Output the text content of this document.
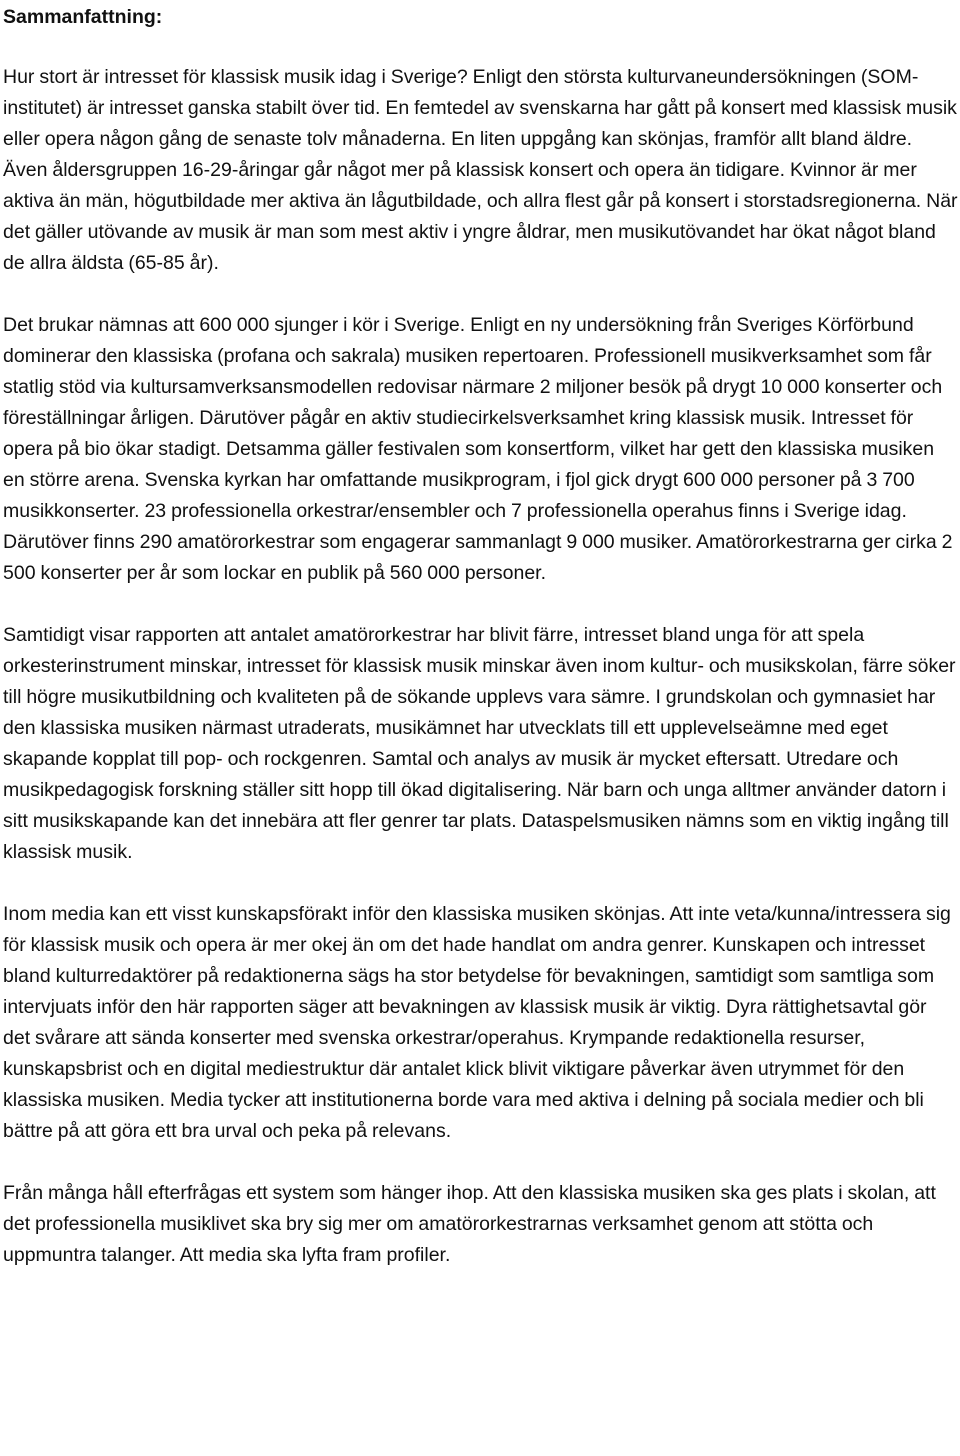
Sammanfattning:

Hur stort är intresset för klassisk musik idag i Sverige? Enligt den största kulturvaneundersökningen (SOM-institutet) är intresset ganska stabilt över tid. En femtedel av svenskarna har gått på konsert med klassisk musik eller opera någon gång de senaste tolv månaderna. En liten uppgång kan skönjas, framför allt bland äldre. Även åldersgruppen 16-29-åringar går något mer på klassisk konsert och opera än tidigare. Kvinnor är mer aktiva än män, högutbildade mer aktiva än lågutbildade, och allra flest går på konsert i storstadsregionerna. När det gäller utövande av musik är man som mest aktiv i yngre åldrar, men musikutövandet har ökat något bland de allra äldsta (65-85 år).

Det brukar nämnas att 600 000 sjunger i kör i Sverige. Enligt en ny undersökning från Sveriges Körförbund dominerar den klassiska (profana och sakrala) musiken repertoaren. Professionell musikverksamhet som får statlig stöd via kultursamverksansmodellen redovisar närmare 2 miljoner besök på drygt 10 000 konserter och föreställningar årligen. Därutöver pågår en aktiv studiecirkelsverksamhet kring klassisk musik. Intresset för opera på bio ökar stadigt. Detsamma gäller festivalen som konsertform, vilket har gett den klassiska musiken en större arena. Svenska kyrkan har omfattande musikprogram, i fjol gick drygt 600 000 personer på 3 700 musikkonserter. 23 professionella orkestrar/ensembler och 7 professionella operahus finns i Sverige idag. Därutöver finns 290 amatörorkestrar som engagerar sammanlagt 9 000 musiker. Amatörorkestrarna ger cirka 2 500 konserter per år som lockar en publik på 560 000 personer.

Samtidigt visar rapporten att antalet amatörorkestrar har blivit färre, intresset bland unga för att spela orkesterinstrument minskar, intresset för klassisk musik minskar även inom kultur- och musikskolan, färre söker till högre musikutbildning och kvaliteten på de sökande upplevs vara sämre. I grundskolan och gymnasiet har den klassiska musiken närmast utraderats, musikämnet har utvecklats till ett upplevelseämne med eget skapande kopplat till pop- och rockgenren. Samtal och analys av musik är mycket eftersatt. Utredare och musikpedagogisk forskning ställer sitt hopp till ökad digitalisering. När barn och unga alltmer använder datorn i sitt musikskapande kan det innebära att fler genrer tar plats. Dataspelsmusiken nämns som en viktig ingång till klassisk musik.

Inom media kan ett visst kunskapsförakt inför den klassiska musiken skönjas. Att inte veta/kunna/intressera sig för klassisk musik och opera är mer okej än om det hade handlat om andra genrer. Kunskapen och intresset bland kulturredaktörer på redaktionerna sägs ha stor betydelse för bevakningen, samtidigt som samtliga som intervjuats inför den här rapporten säger att bevakningen av klassisk musik är viktig. Dyra rättighetsavtal gör det svårare att sända konserter med svenska orkestrar/operahus. Krympande redaktionella resurser, kunskapsbrist och en digital mediestruktur där antalet klick blivit viktigare påverkar även utrymmet för den klassiska musiken. Media tycker att institutionerna borde vara med aktiva i delning på sociala medier och bli bättre på att göra ett bra urval och peka på relevans.

Från många håll efterfrågas ett system som hänger ihop. Att den klassiska musiken ska ges plats i skolan, att det professionella musiklivet ska bry sig mer om amatörorkestrarnas verksamhet genom att stötta och uppmuntra talanger. Att media ska lyfta fram profiler.
